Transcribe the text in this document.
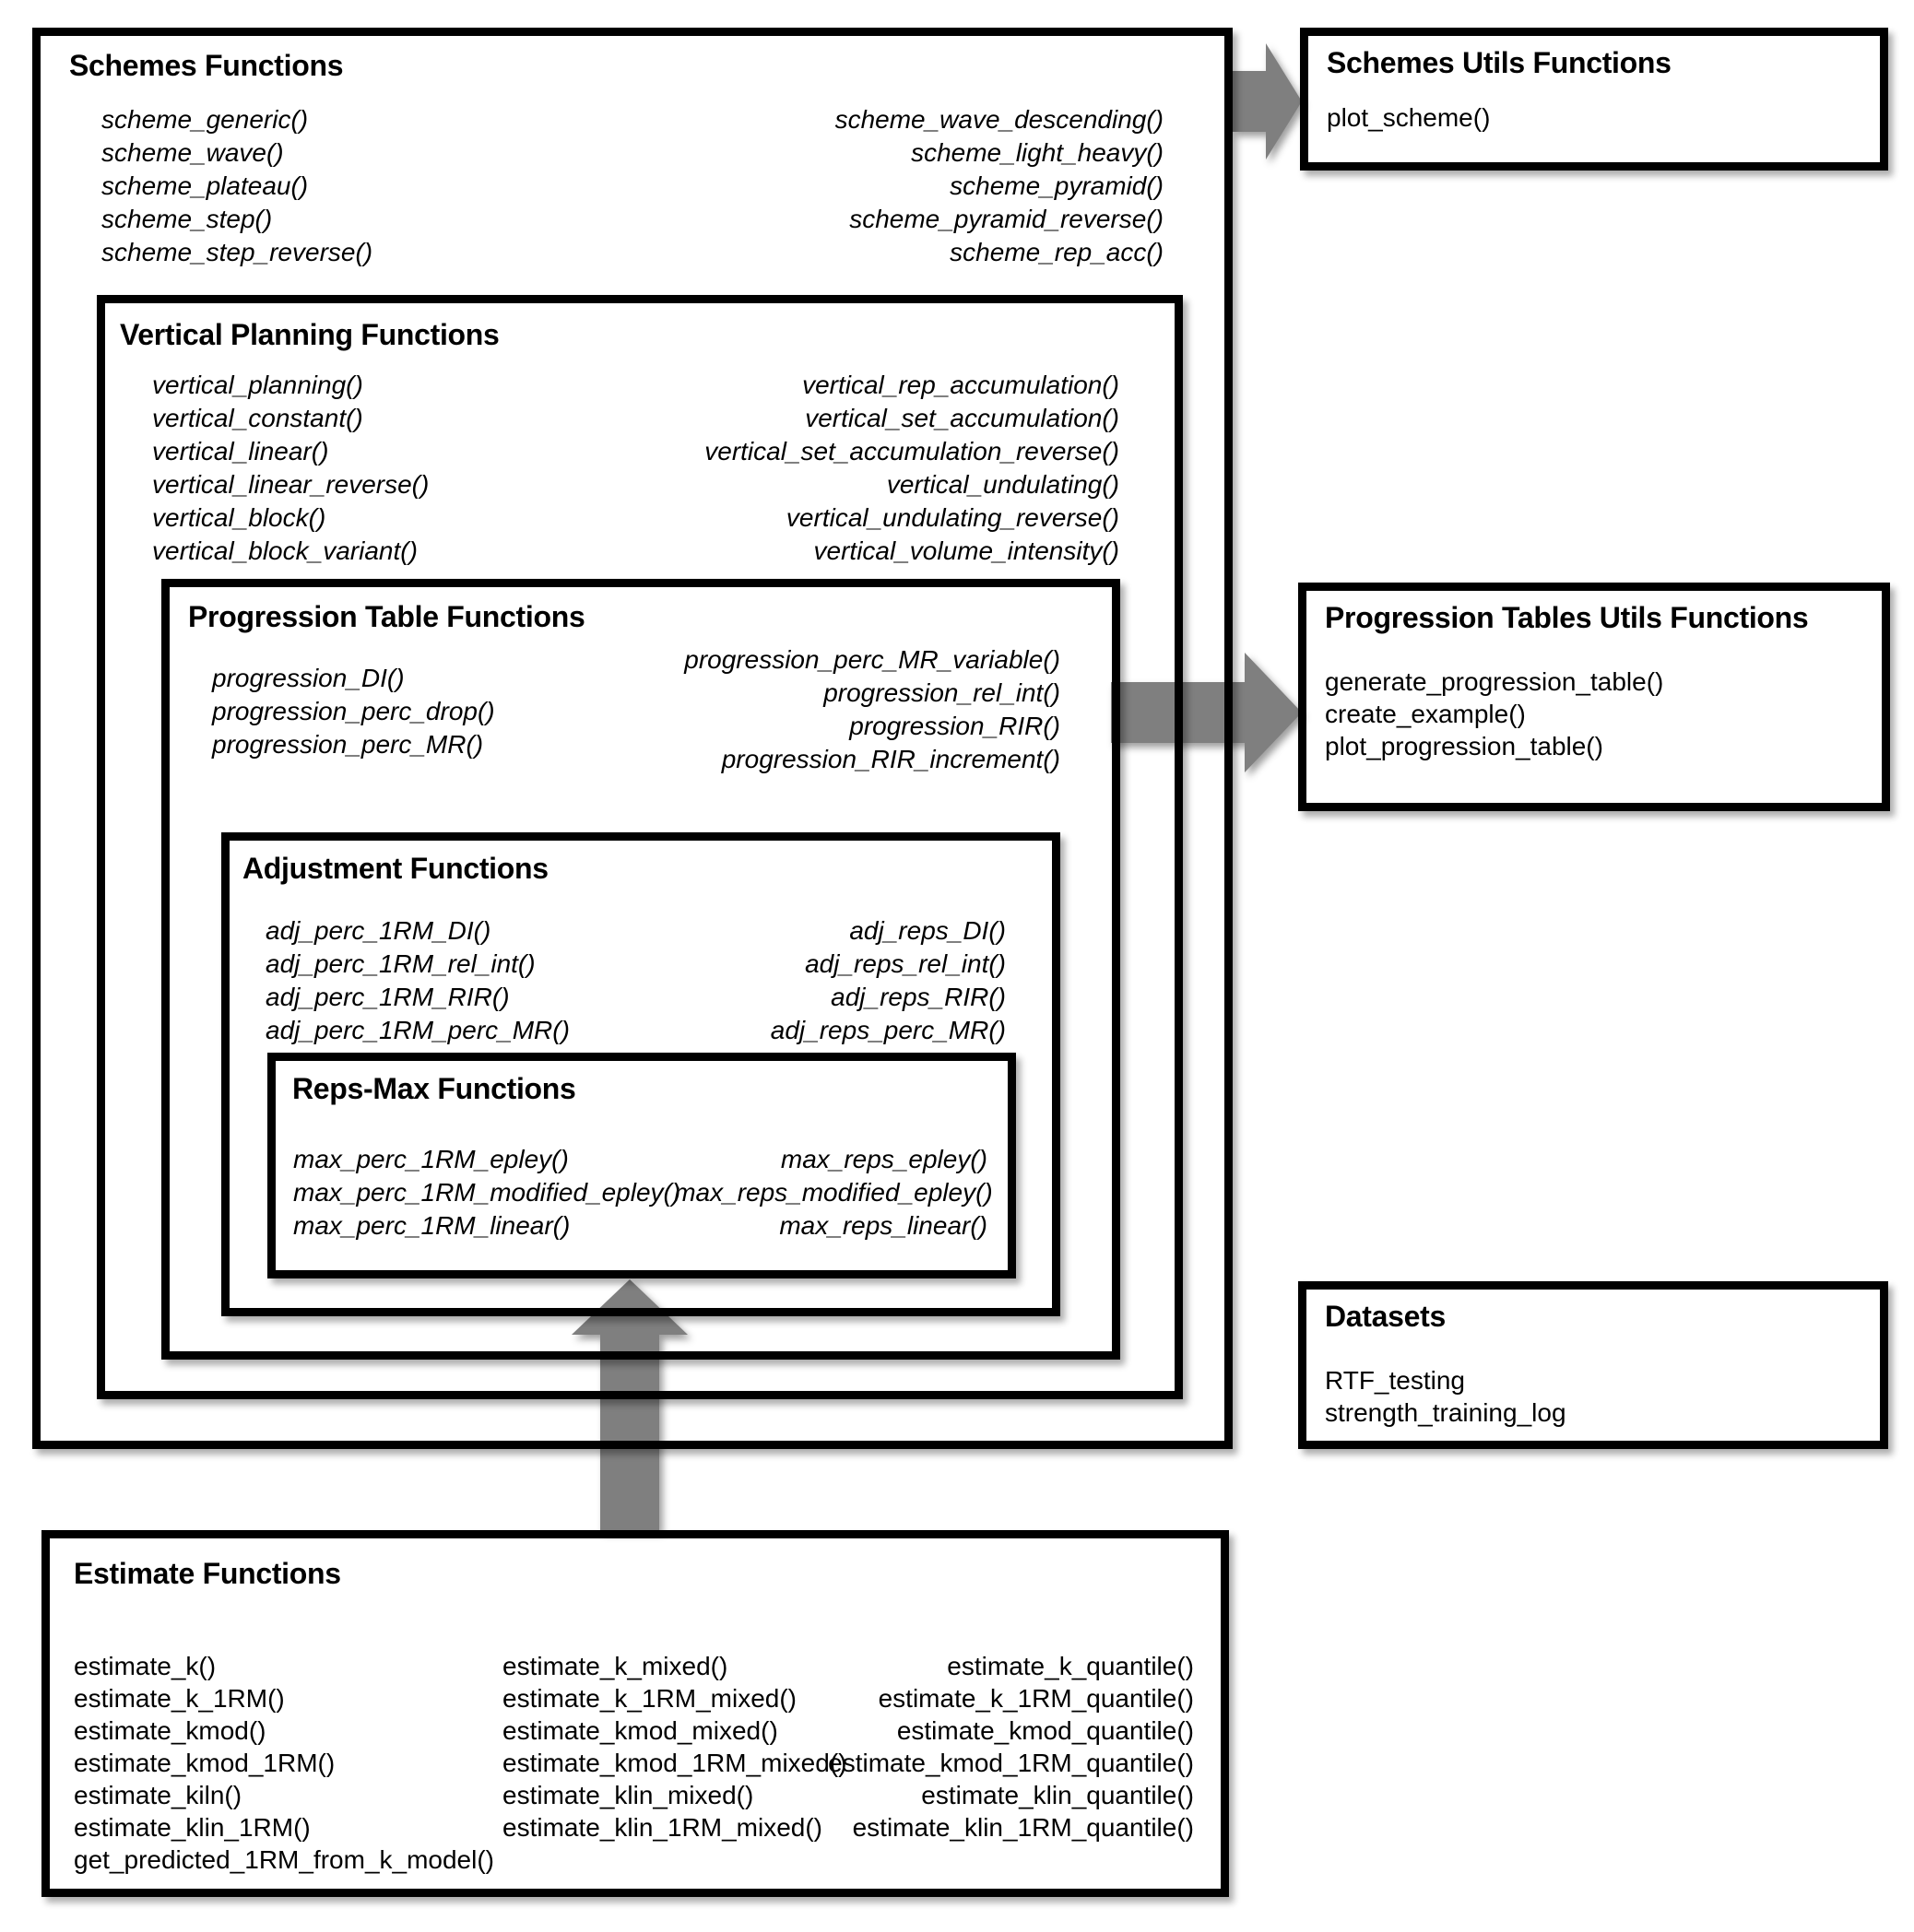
Schemes Functions
scheme_generic()
scheme_wave()
scheme_plateau()
scheme_step()
scheme_step_reverse()
scheme_wave_descending()
scheme_light_heavy()
scheme_pyramid()
scheme_pyramid_reverse()
scheme_rep_acc()
Vertical Planning Functions
vertical_planning()
vertical_constant()
vertical_linear()
vertical_linear_reverse()
vertical_block()
vertical_block_variant()
vertical_rep_accumulation()
vertical_set_accumulation()
vertical_set_accumulation_reverse()
vertical_undulating()
vertical_undulating_reverse()
vertical_volume_intensity()
Progression Table Functions
progression_DI()
progression_perc_drop()
progression_perc_MR()
progression_perc_MR_variable()
progression_rel_int()
progression_RIR()
progression_RIR_increment()
Adjustment Functions
adj_perc_1RM_DI()
adj_perc_1RM_rel_int()
adj_perc_1RM_RIR()
adj_perc_1RM_perc_MR()
adj_reps_DI()
adj_reps_rel_int()
adj_reps_RIR()
adj_reps_perc_MR()
Reps-Max Functions
max_perc_1RM_epley()
max_perc_1RM_modified_epley()
max_perc_1RM_linear()
max_reps_epley()
max_reps_modified_epley()
max_reps_linear()
Schemes Utils Functions
plot_scheme()
Progression Tables Utils Functions
generate_progression_table()
create_example()
plot_progression_table()
Datasets
RTF_testing
strength_training_log
Estimate Functions
estimate_k()
estimate_k_1RM()
estimate_kmod()
estimate_kmod_1RM()
estimate_kiln()
estimate_klin_1RM()
get_predicted_1RM_from_k_model()
estimate_k_mixed()
estimate_k_1RM_mixed()
estimate_kmod_mixed()
estimate_kmod_1RM_mixed()
estimate_klin_mixed()
estimate_klin_1RM_mixed()
estimate_k_quantile()
estimate_k_1RM_quantile()
estimate_kmod_quantile()
estimate_kmod_1RM_quantile()
estimate_klin_quantile()
estimate_klin_1RM_quantile()
